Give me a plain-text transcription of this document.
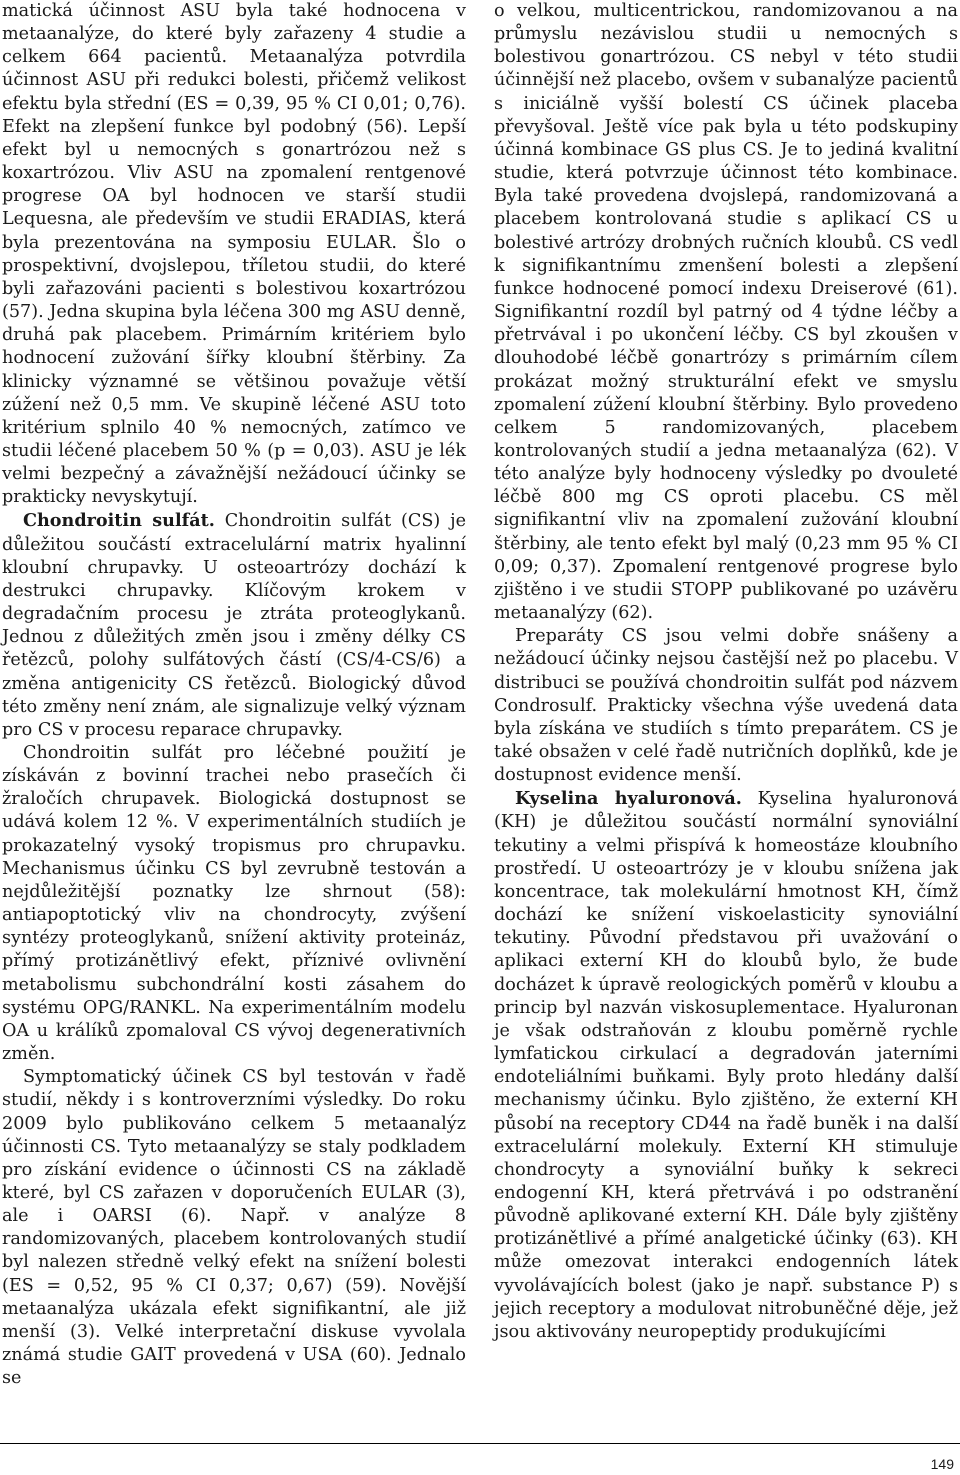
matická účinnost ASU byla také hodnocena v metaanalýze, do které byly zařazeny 4 studie a celkem 664 pacientů. Metaanalýza potvrdila účinnost ASU při redukci bolesti, přičemž velikost efektu byla střední (ES = 0,39, 95 % CI 0,01; 0,76). Efekt na zlepšení funkce byl podobný (56). Lepší efekt byl u nemocných s gonartrózou než s koxartrózou. Vliv ASU na zpomalení rentgenové progrese OA byl hodnocen ve starší studii Lequesna, ale především ve studii ERADIAS, která byla prezentována na symposiu EULAR. Šlo o prospektivní, dvojslepou, tříletou studii, do které byli zařazováni pacienti s bolestivou koxartrózou (57). Jedna skupina byla léčena 300 mg ASU denně, druhá pak placebem. Primárním kritériem bylo hodnocení zužování šířky kloubní štěrbiny. Za klinicky významné se většinou považuje větší zúžení než 0,5 mm. Ve skupině léčené ASU toto kritérium splnilo 40 % nemocných, zatímco ve studii léčené placebem 50 % (p = 0,03). ASU je lék velmi bezpečný a závažnější nežádoucí účinky se prakticky nevyskytují.

Chondroitin sulfát. Chondroitin sulfát (CS) je důležitou součástí extracelulární matrix hyalinní kloubní chrupavky. U osteoartrózy dochází k destrukci chrupavky. Klíčovým krokem v degradačním procesu je ztráta proteoglykanů. Jednou z důležitých změn jsou i změny délky CS řetězců, polohy sulfátových částí (CS/4-CS/6) a změna antigenicity CS řetězců. Biologický důvod této změny není znám, ale signalizuje velký význam pro CS v procesu reparace chrupavky.

Chondroitin sulfát pro léčebné použití je získáván z bovinní trachei nebo prasečích či žraločích chrupavek. Biologická dostupnost se udává kolem 12 %. V experimentálních studiích je prokazatelný vysoký tropismus pro chrupavku. Mechanismus účinku CS byl zevrubně testován a nejdůležitější poznatky lze shrnout (58): antiapoptotický vliv na chondrocyty, zvýšení syntézy proteoglykanů, snížení aktivity proteináz, přímý protizánětlivý efekt, příznivé ovlivnění metabolismu subchondrální kosti zásahem do systému OPG/RANKL. Na experimentálním modelu OA u králíků zpomaloval CS vývoj degenerativních změn.

Symptomatický účinek CS byl testován v řadě studií, někdy i s kontroverzními výsledky. Do roku 2009 bylo publikováno celkem 5 metaanalýz účinnosti CS. Tyto metaanalýzy se staly podkladem pro získání evidence o účinnosti CS na základě které, byl CS zařazen v doporučeních EULAR (3), ale i OARSI (6). Např. v analýze 8 randomizovaných, placebem kontrolovaných studií byl nalezen středně velký efekt na snížení bolesti (ES = 0,52, 95 % CI 0,37; 0,67) (59). Novější metaanalýza ukázala efekt signifikantní, ale již menší (3). Velké interpretační diskuse vyvolala známá studie GAIT provedená v USA (60). Jednalo se

o velkou, multicentrickou, randomizovanou a na průmyslu nezávislou studii u nemocných s bolestivou gonartrózou. CS nebyl v této studii účinnější než placebo, ovšem v subanalýze pacientů s iniciálně vyšší bolestí CS účinek placeba převyšoval. Ještě více pak byla u této podskupiny účinná kombinace GS plus CS. Je to jediná kvalitní studie, která potvrzuje účinnost této kombinace. Byla také provedena dvojslepá, randomizovaná a placebem kontrolovaná studie s aplikací CS u bolestivé artrózy drobných ručních kloubů. CS vedl k signifikantnímu zmenšení bolesti a zlepšení funkce hodnocené pomocí indexu Dreiserové (61). Signifikantní rozdíl byl patrný od 4 týdne léčby a přetrvával i po ukončení léčby. CS byl zkoušen v dlouhodobé léčbě gonartrózy s primárním cílem prokázat možný strukturální efekt ve smyslu zpomalení zúžení kloubní štěrbiny. Bylo provedeno celkem 5 randomizovaných, placebem kontrolovaných studií a jedna metaanalýza (62). V této analýze byly hodnoceny výsledky po dvouleté léčbě 800 mg CS oproti placebu. CS měl signifikantní vliv na zpomalení zužování kloubní štěrbiny, ale tento efekt byl malý (0,23 mm 95 % CI 0,09; 0,37). Zpomalení rentgenové progrese bylo zjištěno i ve studii STOPP publikované po uzávěru metaanalýzy (62).

Preparáty CS jsou velmi dobře snášeny a nežádoucí účinky nejsou častější než po placebu. V distribuci se používá chondroitin sulfát pod názvem Condrosulf. Prakticky všechna výše uvedená data byla získána ve studiích s tímto preparátem. CS je také obsažen v celé řadě nutričních doplňků, kde je dostupnost evidence menší.

Kyselina hyaluronová. Kyselina hyaluronová (KH) je důležitou součástí normální synoviální tekutiny a velmi přispívá k homeostáze kloubního prostředí. U osteoartrózy je v kloubu snížena jak koncentrace, tak molekulární hmotnost KH, čímž dochází ke snížení viskoelasticity synoviální tekutiny. Původní představou při uvažování o aplikaci externí KH do kloubů bylo, že bude docházet k úpravě reologických poměrů v kloubu a princip byl nazván viskosuplementace. Hyaluronan je však odstraňován z kloubu poměrně rychle lymfatickou cirkulací a degradován jaterními endoteliálními buňkami. Byly proto hledány další mechanismy účinku. Bylo zjištěno, že externí KH působí na receptory CD44 na řadě buněk i na další extracelulární molekuly. Externí KH stimuluje chondrocyty a synoviální buňky k sekreci endogenní KH, která přetrvává i po odstranění původně aplikované externí KH. Dále byly zjištěny protizánětlivé a přímé analgetické účinky (63). KH může omezovat interakci endogenních látek vyvolávajících bolest (jako je např. substance P) s jejich receptory a modulovat nitrobuněčné děje, jež jsou aktivovány neuropeptidy produkujícími

149
